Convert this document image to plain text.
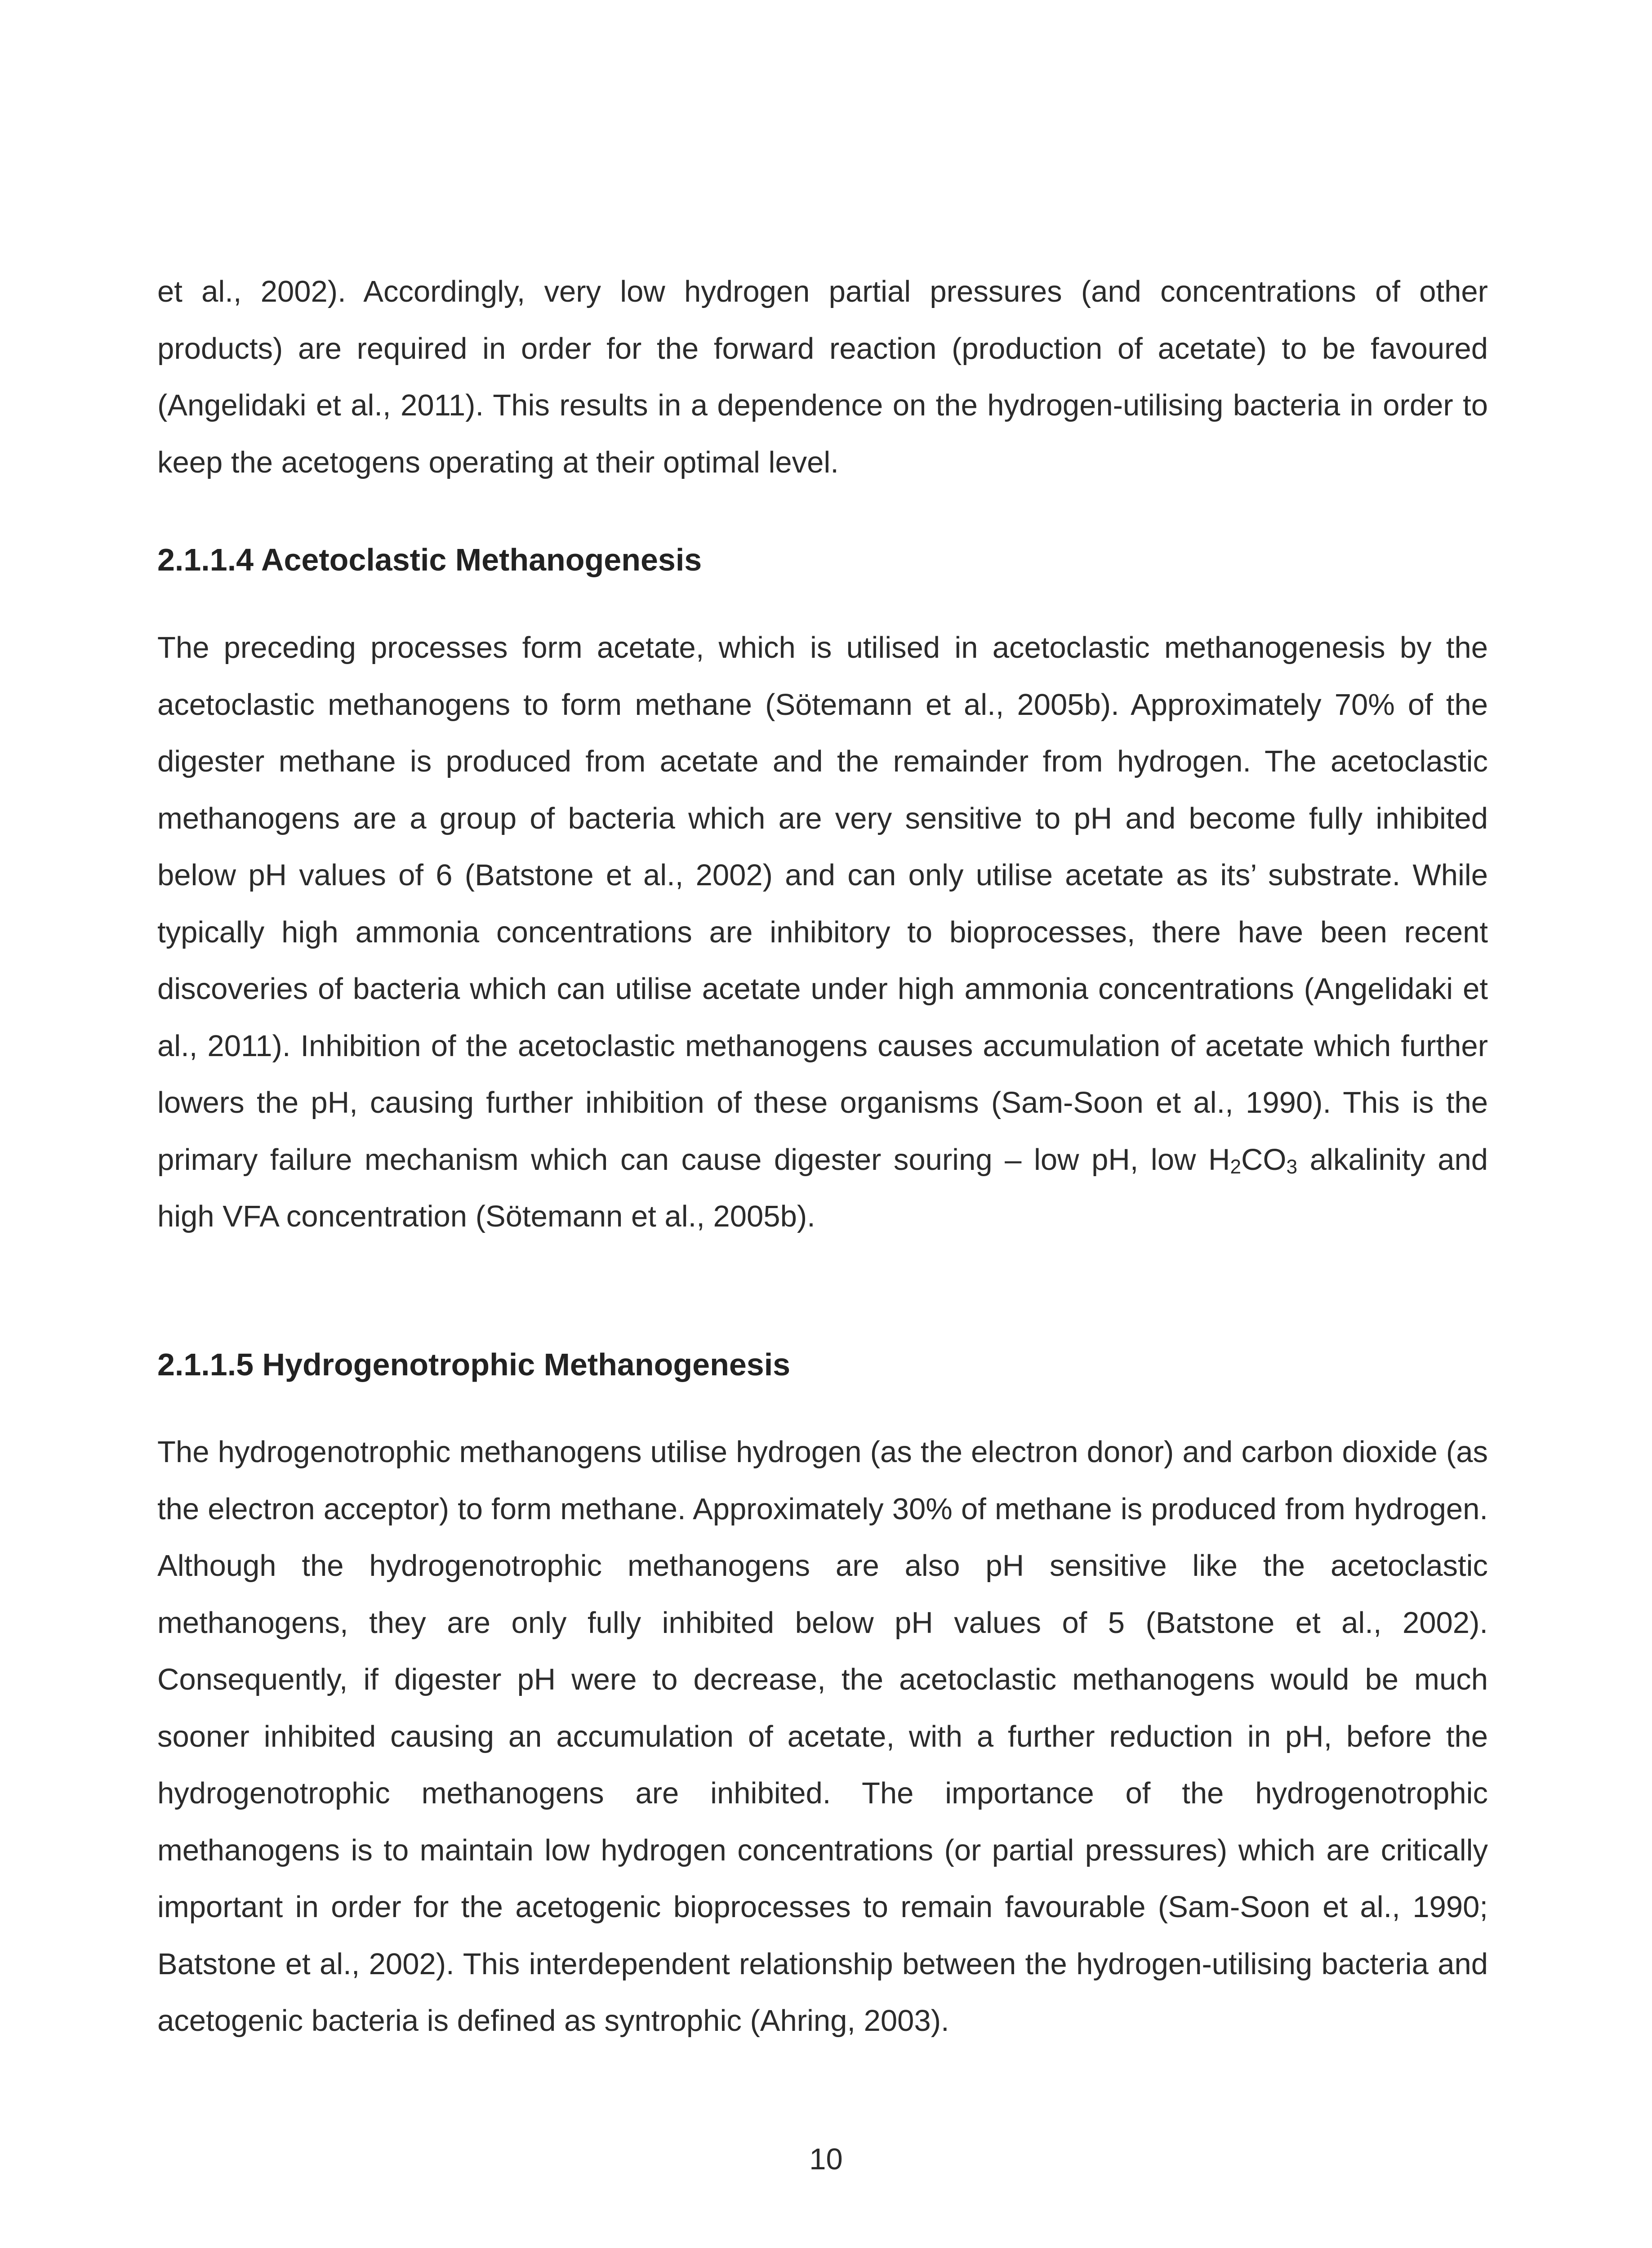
et al., 2002). Accordingly, very low hydrogen partial pressures (and concentrations of other products) are required in order for the forward reaction (production of acetate) to be favoured (Angelidaki et al., 2011). This results in a dependence on the hydrogen-utilising bacteria in order to keep the acetogens operating at their optimal level.

2.1.1.4 Acetoclastic Methanogenesis

The preceding processes form acetate, which is utilised in acetoclastic methanogenesis by the acetoclastic methanogens to form methane (Sötemann et al., 2005b). Approximately 70% of the digester methane is produced from acetate and the remainder from hydrogen. The acetoclastic methanogens are a group of bacteria which are very sensitive to pH and become fully inhibited below pH values of 6 (Batstone et al., 2002) and can only utilise acetate as its’ substrate. While typically high ammonia concentrations are inhibitory to bioprocesses, there have been recent discoveries of bacteria which can utilise acetate under high ammonia concentrations (Angelidaki et al., 2011). Inhibition of the acetoclastic methanogens causes accumulation of acetate which further lowers the pH, causing further inhibition of these organisms (Sam-Soon et al., 1990). This is the primary failure mechanism which can cause digester souring – low pH, low $H_2CO_3$ alkalinity and high VFA concentration (Sötemann et al., 2005b).

2.1.1.5 Hydrogenotrophic Methanogenesis

The hydrogenotrophic methanogens utilise hydrogen (as the electron donor) and carbon dioxide (as the electron acceptor) to form methane. Approximately 30% of methane is produced from hydrogen. Although the hydrogenotrophic methanogens are also pH sensitive like the acetoclastic methanogens, they are only fully inhibited below pH values of 5 (Batstone et al., 2002). Consequently, if digester pH were to decrease, the acetoclastic methanogens would be much sooner inhibited causing an accumulation of acetate, with a further reduction in pH, before the hydrogenotrophic methanogens are inhibited. The importance of the hydrogenotrophic methanogens is to maintain low hydrogen concentrations (or partial pressures) which are critically important in order for the acetogenic bioprocesses to remain favourable (Sam-Soon et al., 1990; Batstone et al., 2002). This interdependent relationship between the hydrogen-utilising bacteria and acetogenic bacteria is defined as syntrophic (Ahring, 2003).

10
